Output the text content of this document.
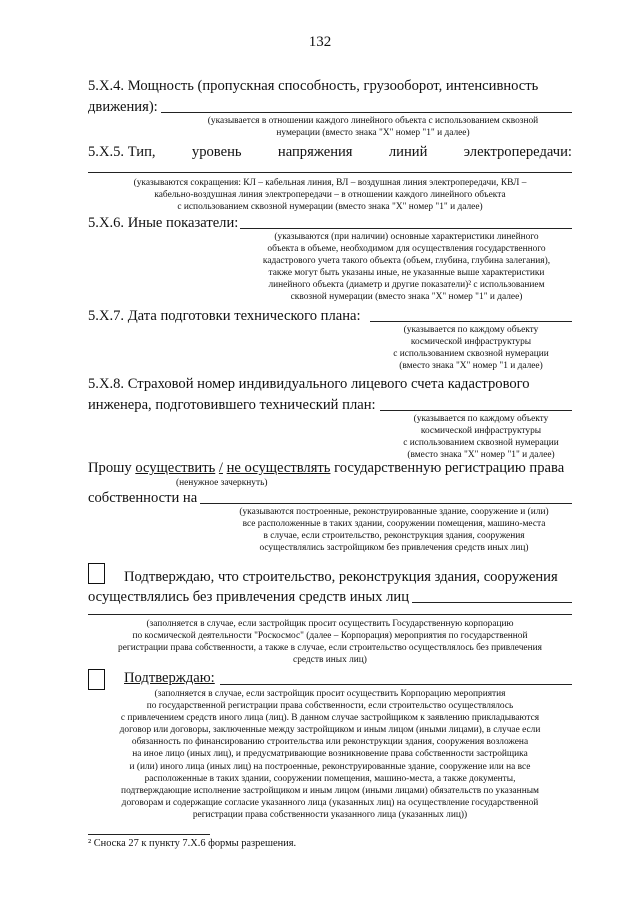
132
5.Х.4. Мощность (пропускная способность, грузооборот, интенсивность
движения):
(указывается в отношении каждого линейного объекта с использованием сквозной
нумерации (вместо знака "X" номер "1" и далее)
5.Х.5. Тип, уровень напряжения линий электропередачи:
(указываются сокращения: КЛ – кабельная линия, ВЛ – воздушная линия электропередачи, КВЛ –
кабельно-воздушная линия электропередачи – в отношении каждого линейного объекта
с использованием сквозной нумерации (вместо знака "X" номер "1" и далее)
5.Х.6. Иные показатели:
(указываются (при наличии) основные характеристики линейного
объекта в объеме, необходимом для осуществления государственного
кадастрового учета такого объекта (объем, глубина, глубина залегания),
также могут быть указаны иные, не указанные выше характеристики
линейного объекта (диаметр и другие показатели)² с использованием
сквозной нумерации (вместо знака "X" номер "1" и далее)
5.Х.7. Дата подготовки технического плана:
(указывается по каждому объекту
космической инфраструктуры
с использованием сквозной нумерации
(вместо знака "X" номер "1 и далее)
5.Х.8. Страховой номер индивидуального лицевого счета кадастрового
инженера, подготовившего технический план:
(указывается по каждому объекту
космической инфраструктуры
с использованием сквозной нумерации
(вместо знака "X" номер "1" и далее)
Прошу осуществить / не осуществлять государственную регистрацию права
(ненужное зачеркнуть)
собственности на
(указываются построенные, реконструированные здание, сооружение и (или)
все расположенные в таких здании, сооружении помещения, машино-места
в случае, если строительство, реконструкция здания, сооружения
осуществлялись застройщиком без привлечения средств иных лиц)
Подтверждаю, что строительство, реконструкция здания, сооружения
осуществлялись без привлечения средств иных лиц
(заполняется в случае, если застройщик просит осуществить Государственную корпорацию
по космической деятельности "Роскосмос" (далее – Корпорация) мероприятия по государственной
регистрации права собственности, а также в случае, если строительство осуществлялось без привлечения
средств иных лиц)
Подтверждаю:
(заполняется в случае, если застройщик просит осуществить Корпорацию мероприятия
по государственной регистрации права собственности, если строительство осуществлялось
с привлечением средств иного лица (лиц). В данном случае застройщиком к заявлению прикладываются
договор или договоры, заключенные между застройщиком и иным лицом (иными лицами), в случае если
обязанность по финансированию строительства или реконструкции здания, сооружения возложена
на иное лицо (иных лиц), и предусматривающие возникновение права собственности застройщика
и (или) иного лица (иных лиц) на построенные, реконструированные здание, сооружение или на все
расположенные в таких здании, сооружении помещения, машино-места, а также документы,
подтверждающие исполнение застройщиком и иным лицом (иными лицами) обязательств по указанным
договорам и содержащие согласие указанного лица (указанных лиц) на осуществление государственной
регистрации права собственности указанного лица (указанных лиц))
² Сноска 27 к пункту 7.Х.6 формы разрешения.
